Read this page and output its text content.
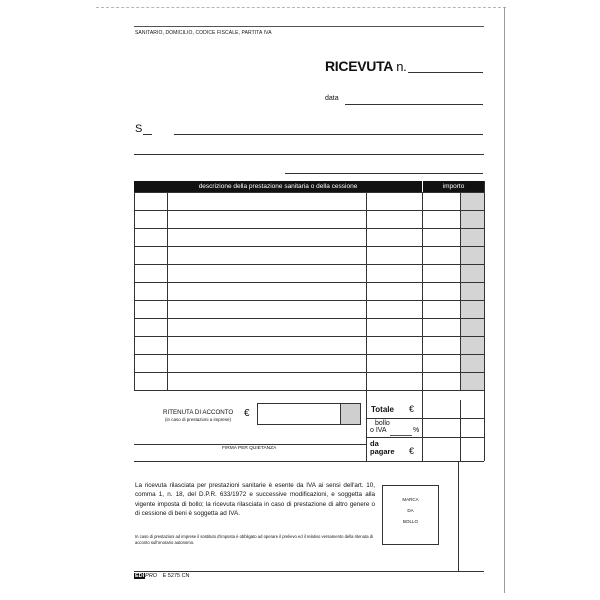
SANITARIO, DOMICILIO, CODICE FISCALE, PARTITA IVA
RICEVUTA n.
data
S
descrizione della prestazione sanitaria o della cessione	importo
RITENUTA DI ACCONTO
(in caso di prestazioni a imprese)
€
FIRMA PER QUIETANZA
Totale €
bollo
o IVA	%
da
pagare €
La ricevuta rilasciata per prestazioni sanitarie è esente da IVA ai sensi dell'art. 10, comma 1, n. 18, del D.P.R. 633/1972 e successive modificazioni, e soggetta alla vigente imposta di bollo; la ricevuta rilasciata in caso di prestazione di altro genere o di cessione di beni è soggetta ad IVA.
In caso di prestazioni ad imprese il sostituto d'imposta è obbligato ad operare il prelievo ed il relativo versamento della ritenuta di acconto sull'onorario autonomo.
MARCA
DA
BOLLO
EDIPRO E 5275 CN
